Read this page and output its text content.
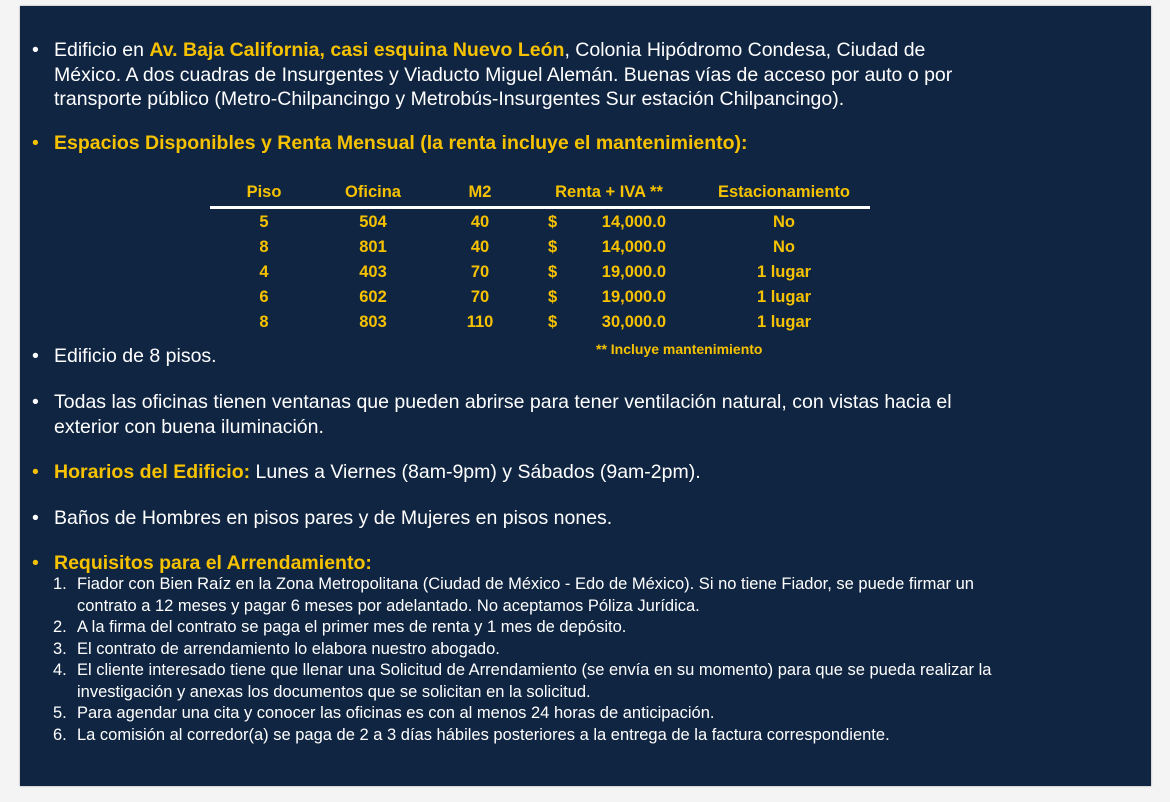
• Edificio en Av. Baja California, casi esquina Nuevo León, Colonia Hipódromo Condesa, Ciudad de
México. A dos cuadras de Insurgentes y Viaducto Miguel Alemán. Buenas vías de acceso por auto o por
transporte público (Metro-Chilpancingo y Metrobús-Insurgentes Sur estación Chilpancingo).
• Espacios Disponibles y Renta Mensual (la renta incluye el mantenimiento):
Piso	Oficina	M2	Renta + IVA **	Estacionamiento
5	504	40	$	14,000.0	No
8	801	40	$	14,000.0	No
4	403	70	$	19,000.0	1 lugar
6	602	70	$	19,000.0	1 lugar
8	803	110	$	30,000.0	1 lugar
** Incluye mantenimiento
• Edificio de 8 pisos.
• Todas las oficinas tienen ventanas que pueden abrirse para tener ventilación natural, con vistas hacia el
exterior con buena iluminación.
• Horarios del Edificio: Lunes a Viernes (8am-9pm) y Sábados (9am-2pm).
• Baños de Hombres en pisos pares y de Mujeres en pisos nones.
• Requisitos para el Arrendamiento:
1. Fiador con Bien Raíz en la Zona Metropolitana (Ciudad de México - Edo de México). Si no tiene Fiador, se puede firmar un
contrato a 12 meses y pagar 6 meses por adelantado. No aceptamos Póliza Jurídica.
2. A la firma del contrato se paga el primer mes de renta y 1 mes de depósito.
3. El contrato de arrendamiento lo elabora nuestro abogado.
4. El cliente interesado tiene que llenar una Solicitud de Arrendamiento (se envía en su momento) para que se pueda realizar la
investigación y anexas los documentos que se solicitan en la solicitud.
5. Para agendar una cita y conocer las oficinas es con al menos 24 horas de anticipación.
6. La comisión al corredor(a) se paga de 2 a 3 días hábiles posteriores a la entrega de la factura correspondiente.
